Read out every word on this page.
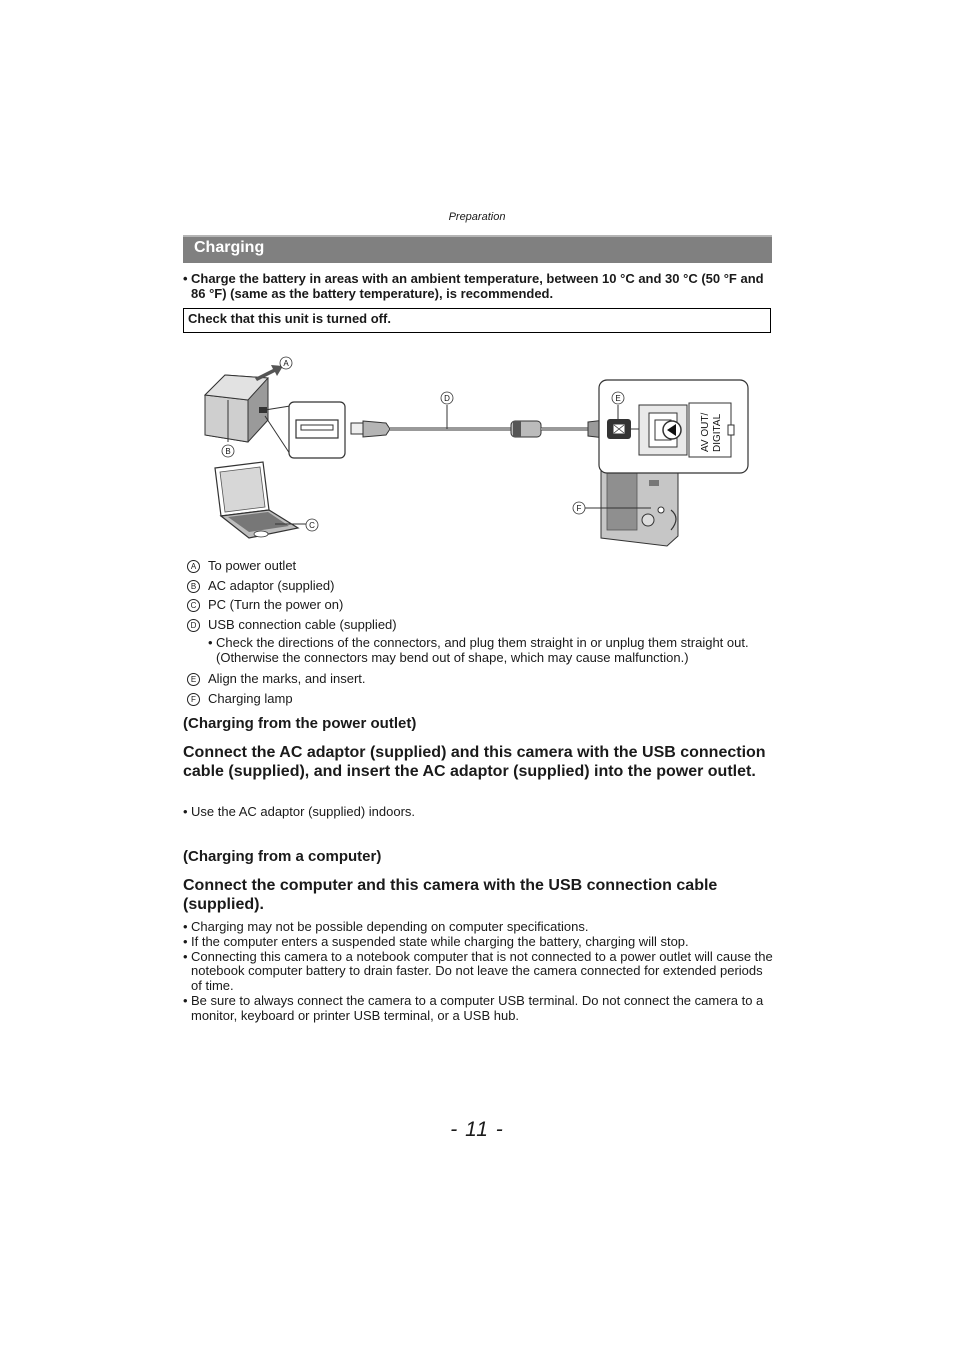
Preparation
Charging
• Charge the battery in areas with an ambient temperature, between 10 °C and 30 °C (50 °F and 86 °F) (same as the battery temperature), is recommended.
Check that this unit is turned off.
AV OUT/ DIGITAL
A
B
C
D	E
F
A To power outlet
B AC adaptor (supplied)
C PC (Turn the power on)
D USB connection cable (supplied)
• Check the directions of the connectors, and plug them straight in or unplug them straight out. (Otherwise the connectors may bend out of shape, which may cause malfunction.)
E Align the marks, and insert.
F Charging lamp
(Charging from the power outlet)
Connect the AC adaptor (supplied) and this camera with the USB connection cable (supplied), and insert the AC adaptor (supplied) into the power outlet.
• Use the AC adaptor (supplied) indoors.
(Charging from a computer)
Connect the computer and this camera with the USB connection cable (supplied).
• Charging may not be possible depending on computer specifications.
• If the computer enters a suspended state while charging the battery, charging will stop.
• Connecting this camera to a notebook computer that is not connected to a power outlet will cause the notebook computer battery to drain faster. Do not leave the camera connected for extended periods of time.
• Be sure to always connect the camera to a computer USB terminal. Do not connect the camera to a monitor, keyboard or printer USB terminal, or a USB hub.
- 11 -
